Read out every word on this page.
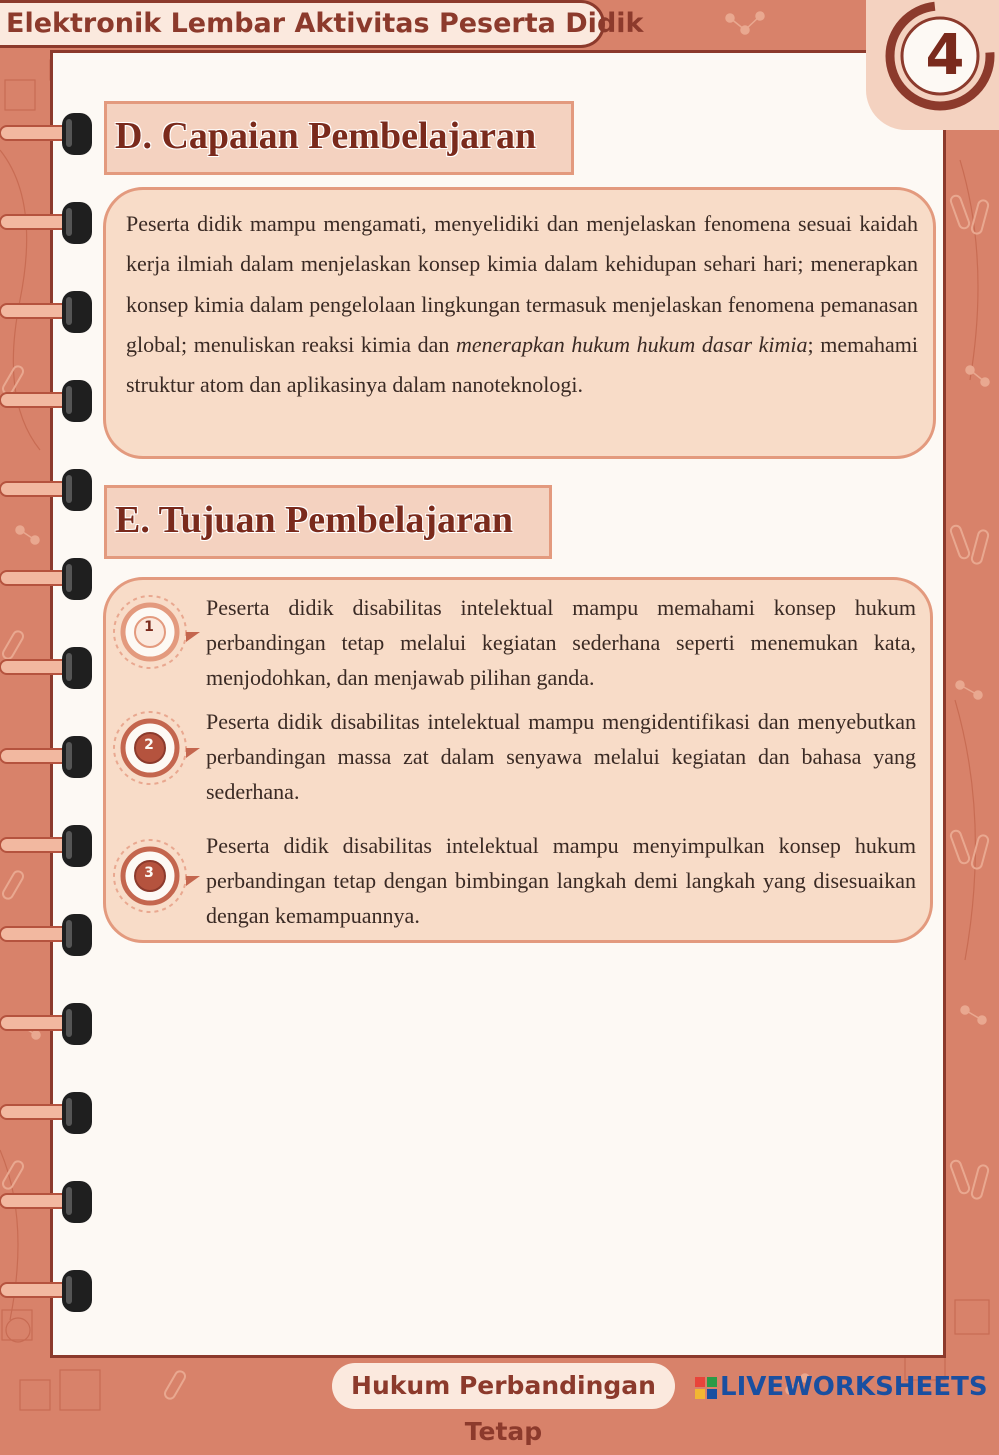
Elektronik Lembar Aktivitas Peserta Didik	4
D. Capaian Pembelajaran

Peserta didik mampu mengamati, menyelidiki dan menjelaskan fenomena sesuai kaidah kerja ilmiah dalam menjelaskan konsep kimia dalam kehidupan sehari hari; menerapkan konsep kimia dalam pengelolaan lingkungan termasuk menjelaskan fenomena pemanasan global; menuliskan reaksi kimia dan menerapkan hukum hukum dasar kimia; memahami struktur atom dan aplikasinya dalam nanoteknologi.

E. Tujuan Pembelajaran
1

Peserta didik disabilitas intelektual mampu memahami konsep hukum perbandingan tetap melalui kegiatan sederhana seperti menemukan kata, menjodohkan, dan menjawab pilihan ganda.

2

Peserta didik disabilitas intelektual mampu mengidentifikasi dan menyebutkan perbandingan massa zat dalam senyawa melalui kegiatan dan bahasa yang sederhana.

3

Peserta didik disabilitas intelektual mampu menyimpulkan konsep hukum perbandingan tetap dengan bimbingan langkah demi langkah yang disesuaikan dengan kemampuannya.

Hukum Perbandingan Tetap
LIVEWORKSHEETS
